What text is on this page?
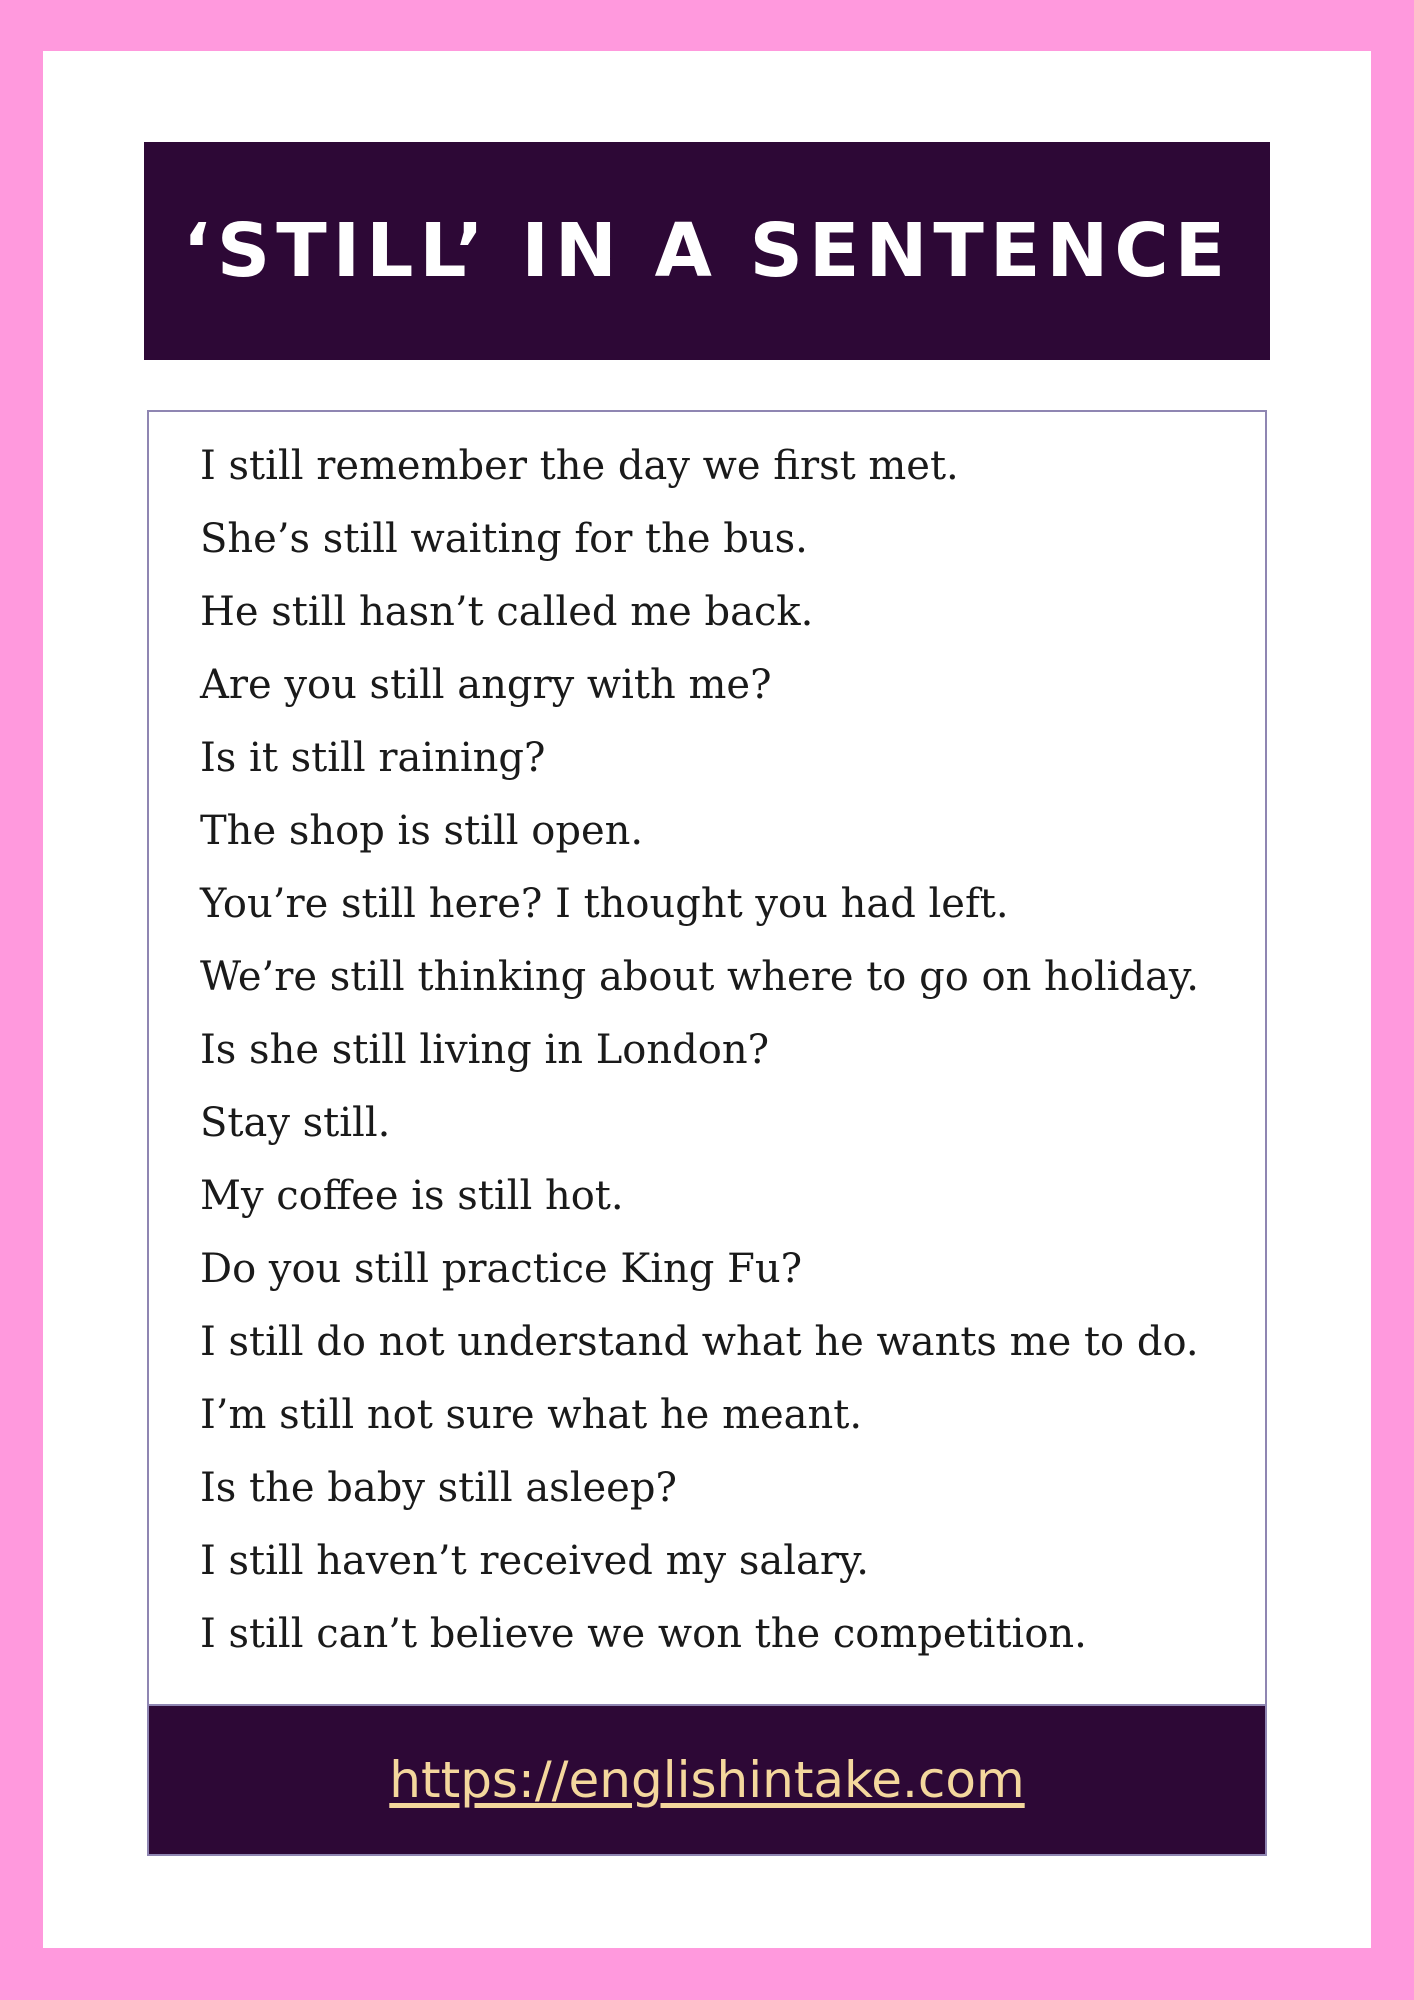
‘STILL’ IN A SENTENCE
I still remember the day we first met.
She’s still waiting for the bus.
He still hasn’t called me back.
Are you still angry with me?
Is it still raining?
The shop is still open.
You’re still here? I thought you had left.
We’re still thinking about where to go on holiday.
Is she still living in London?
Stay still.
My coffee is still hot.
Do you still practice King Fu?
I still do not understand what he wants me to do.
I’m still not sure what he meant.
Is the baby still asleep?
I still haven’t received my salary.
I still can’t believe we won the competition.
https://englishintake.com
